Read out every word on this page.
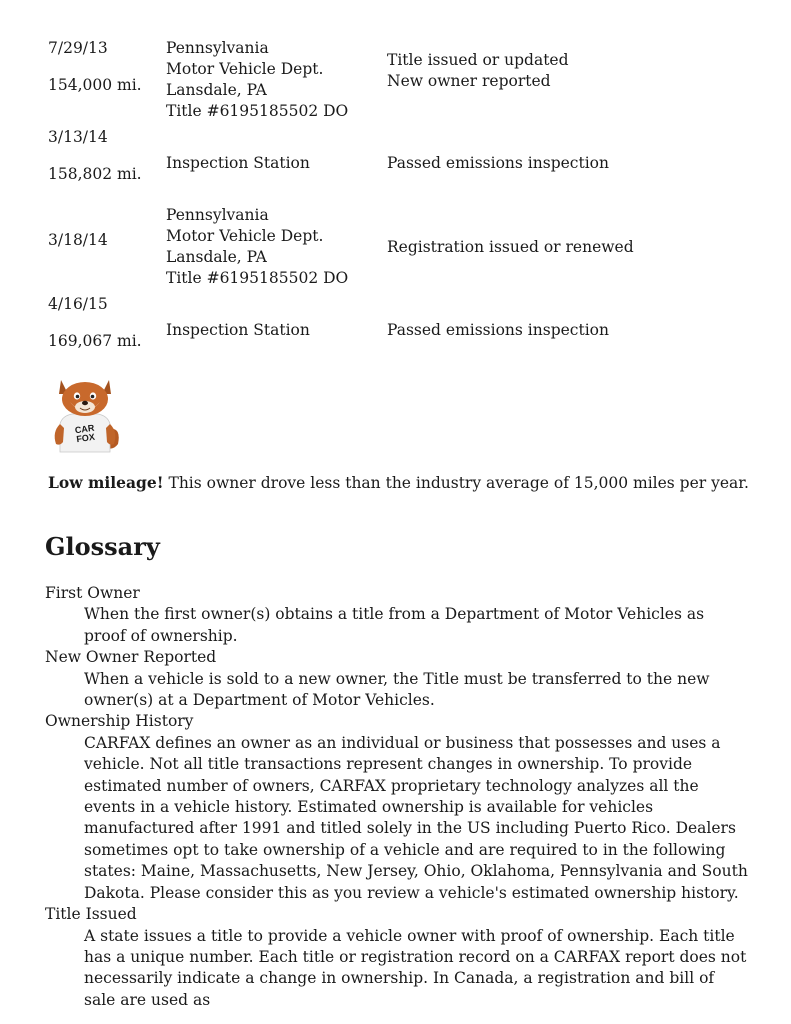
7/29/13
154,000 mi.
Pennsylvania
Motor Vehicle Dept.
Lansdale, PA
Title #6195185502 DO
Title issued or updated
New owner reported
3/13/14
158,802 mi.
Inspection Station	Passed emissions inspection
3/18/14
Pennsylvania
Motor Vehicle Dept.
Lansdale, PA
Title #6195185502 DO
Registration issued or renewed
4/16/15
169,067 mi.
Inspection Station	Passed emissions inspection
CAR
FOX

Low mileage! This owner drove less than the industry average of 15,000 miles per year.

Glossary

First Owner

When the first owner(s) obtains a title from a Department of Motor Vehicles as proof of ownership.

New Owner Reported

When a vehicle is sold to a new owner, the Title must be transferred to the new owner(s) at a Department of Motor Vehicles.

Ownership History

CARFAX defines an owner as an individual or business that possesses and uses a vehicle. Not all title transactions represent changes in ownership. To provide estimated number of owners, CARFAX proprietary technology analyzes all the events in a vehicle history. Estimated ownership is available for vehicles manufactured after 1991 and titled solely in the US including Puerto Rico. Dealers sometimes opt to take ownership of a vehicle and are required to in the following states: Maine, Massachusetts, New Jersey, Ohio, Oklahoma, Pennsylvania and South Dakota. Please consider this as you review a vehicle's estimated ownership history.

Title Issued

A state issues a title to provide a vehicle owner with proof of ownership. Each title has a unique number. Each title or registration record on a CARFAX report does not necessarily indicate a change in ownership. In Canada, a registration and bill of sale are used as
